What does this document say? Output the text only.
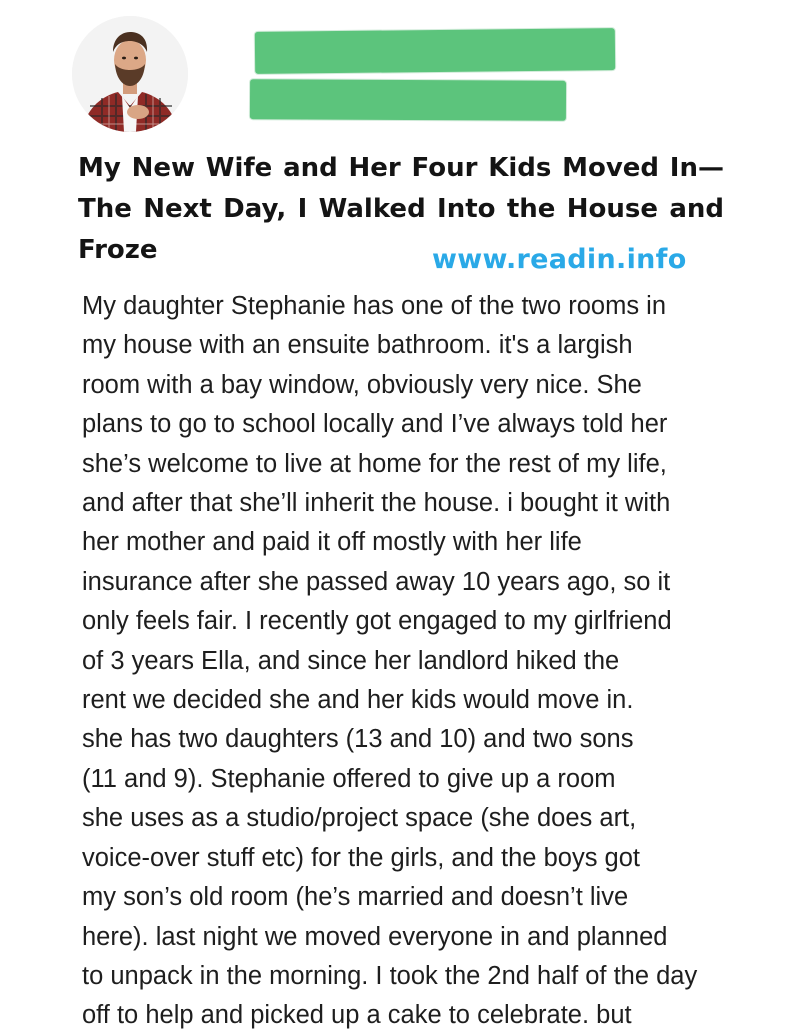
My New Wife and Her Four Kids Moved In—The Next Day, I Walked Into the House and Froze	www.readin.info
My daughter Stephanie has one of the two rooms in
my house with an ensuite bathroom. it's a largish
room with a bay window, obviously very nice. She
plans to go to school locally and I’ve always told her
she’s welcome to live at home for the rest of my life,
and after that she’ll inherit the house. i bought it with
her mother and paid it off mostly with her life
insurance after she passed away 10 years ago, so it
only feels fair. I recently got engaged to my girlfriend
of 3 years Ella, and since her landlord hiked the
rent we decided she and her kids would move in.
she has two daughters (13 and 10) and two sons
(11 and 9). Stephanie offered to give up a room
she uses as a studio/project space (she does art,
voice-over stuff etc) for the girls, and the boys got
my son’s old room (he’s married and doesn’t live
here). last night we moved everyone in and planned
to unpack in the morning. I took the 2nd half of the day
off to help and picked up a cake to celebrate. but
